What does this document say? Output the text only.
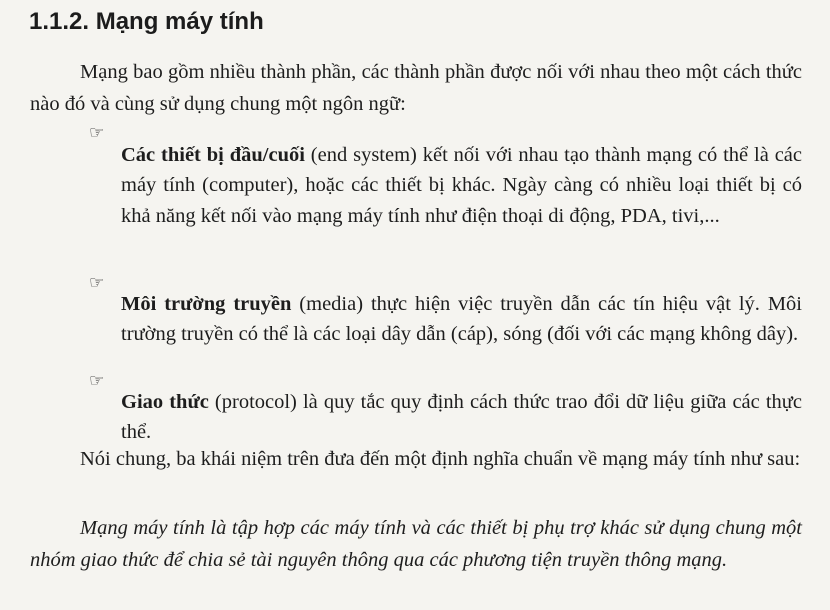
1.1.2. Mạng máy tính

Mạng bao gồm nhiều thành phần, các thành phần được nối với nhau theo một cách thức nào đó và cùng sử dụng chung một ngôn ngữ:

☞

Các thiết bị đầu/cuối (end system) kết nối với nhau tạo thành mạng có thể là các máy tính (computer), hoặc các thiết bị khác. Ngày càng có nhiều loại thiết bị có khả năng kết nối vào mạng máy tính như điện thoại di động, PDA, tivi,...

☞

Môi trường truyền (media) thực hiện việc truyền dẫn các tín hiệu vật lý. Môi trường truyền có thể là các loại dây dẫn (cáp), sóng (đối với các mạng không dây).

☞

Giao thức (protocol) là quy tắc quy định cách thức trao đổi dữ liệu giữa các thực thể.

Nói chung, ba khái niệm trên đưa đến một định nghĩa chuẩn về mạng máy tính như sau:

Mạng máy tính là tập hợp các máy tính và các thiết bị phụ trợ khác sử dụng chung một nhóm giao thức để chia sẻ tài nguyên thông qua các phương tiện truyền thông mạng.
